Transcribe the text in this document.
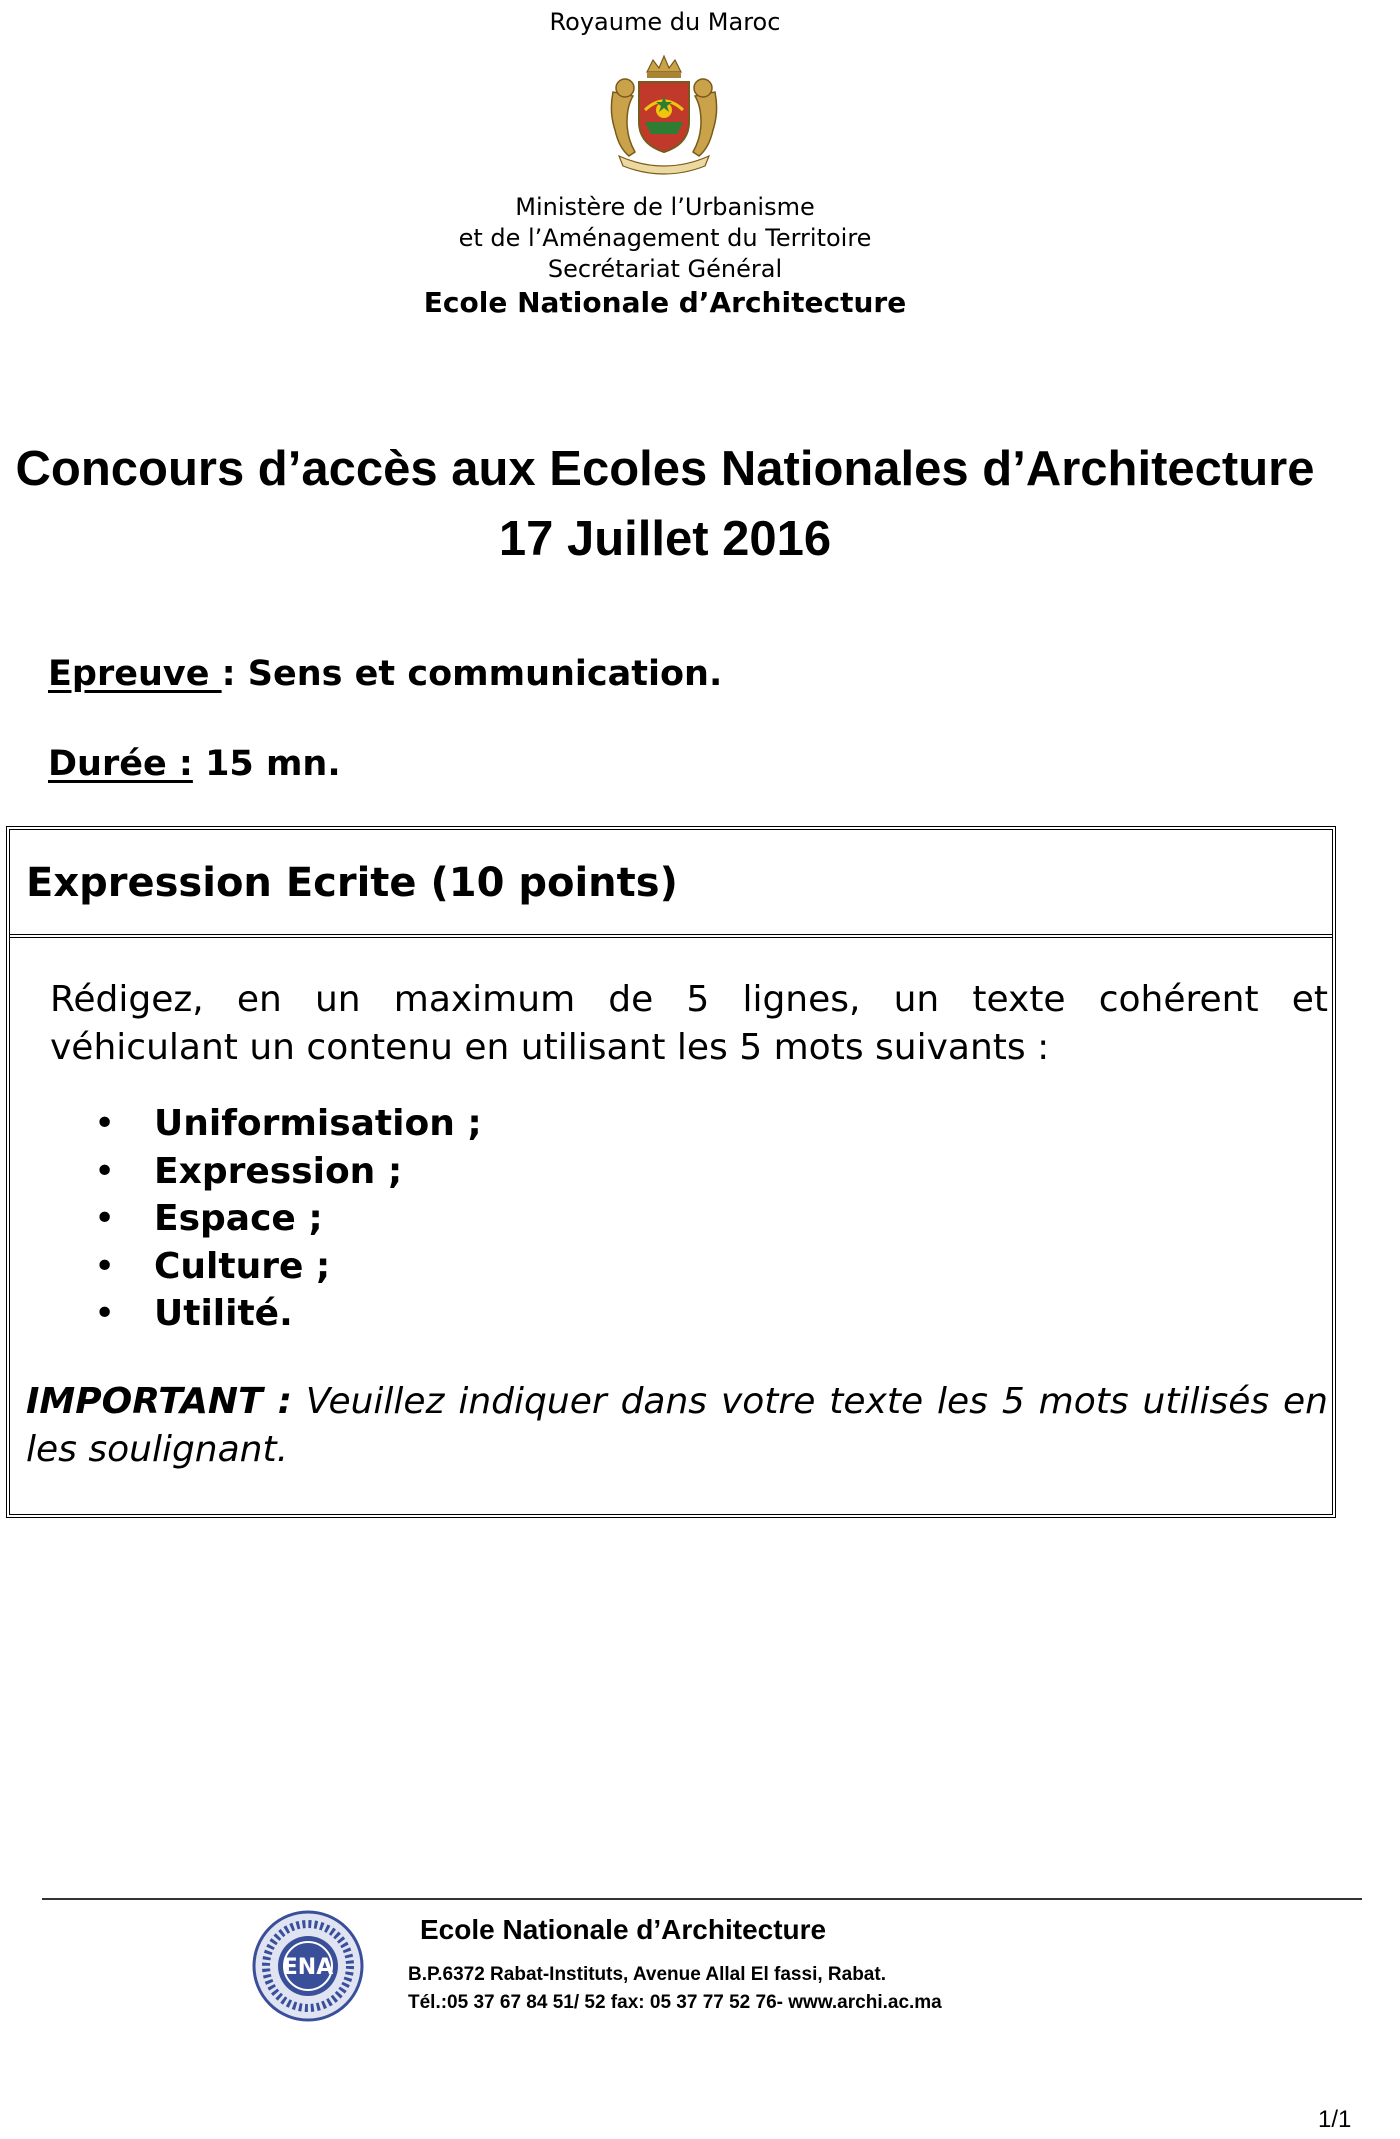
Royaume du Maroc
Ministère de l’Urbanisme
et de l’Aménagement du Territoire
Secrétariat Général
Ecole Nationale d’Architecture
Concours d’accès aux Ecoles Nationales d’Architecture
17 Juillet 2016
Epreuve : Sens et communication.
Durée : 15 mn.
Expression Ecrite (10 points)
Rédigez, en un maximum de 5 lignes, un texte cohérent et
véhiculant un contenu en utilisant les 5 mots suivants :
• Uniformisation ;
• Expression ;
• Espace ;
• Culture ;
• Utilité.
IMPORTANT : Veuillez indiquer dans votre texte les 5 mots utilisés en les soulignant.
ENA
Ecole Nationale d’Architecture
B.P.6372 Rabat-Instituts, Avenue Allal El fassi, Rabat.
Tél.:05 37 67 84 51/ 52 fax: 05 37 77 52 76- www.archi.ac.ma
1/1
